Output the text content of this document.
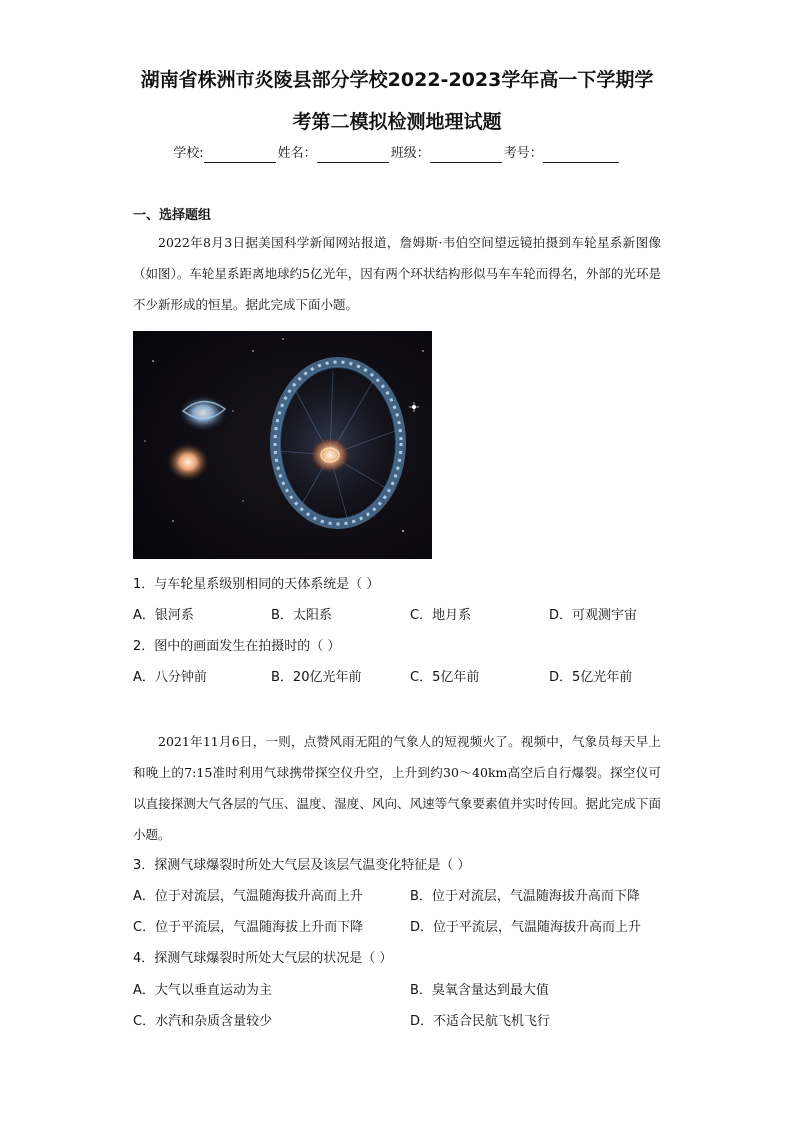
湖南省株洲市炎陵县部分学校2022-2023学年高一下学期学
考第二模拟检测地理试题
学校:	姓名：	班级：	考号：
一、选择题组

2022年8月3日据美国科学新闻网站报道，詹姆斯·韦伯空间望远镜拍摄到车轮星系新图像（如图）。车轮星系距离地球约5亿光年，因有两个环状结构形似马车车轮而得名，外部的光环是不少新形成的恒星。据此完成下面小题。

1．与车轮星系级别相同的天体系统是（ ）

A．银河系	B．太阳系	C．地月系	D．可观测宇宙

2．图中的画面发生在拍摄时的（ ）

A．八分钟前	B．20亿光年前	C．5亿年前	D．5亿光年前

2021年11月6日，一则，点赞风雨无阻的气象人的短视频火了。视频中，气象员每天早上和晚上的7:15准时利用气球携带探空仪升空，上升到约30～40km高空后自行爆裂。探空仪可以直接探测大气各层的气压、温度、湿度、风向、风速等气象要素值并实时传回。据此完成下面小题。

3．探测气球爆裂时所处大气层及该层气温变化特征是（ ）

A．位于对流层，气温随海拔升高而上升	B．位于对流层，气温随海拔升高而下降
C．位于平流层，气温随海拔上升而下降	D．位于平流层，气温随海拔升高而上升

4．探测气球爆裂时所处大气层的状况是（ ）

A．大气以垂直运动为主	B．臭氧含量达到最大值
C．水汽和杂质含量较少	D．不适合民航飞机飞行
